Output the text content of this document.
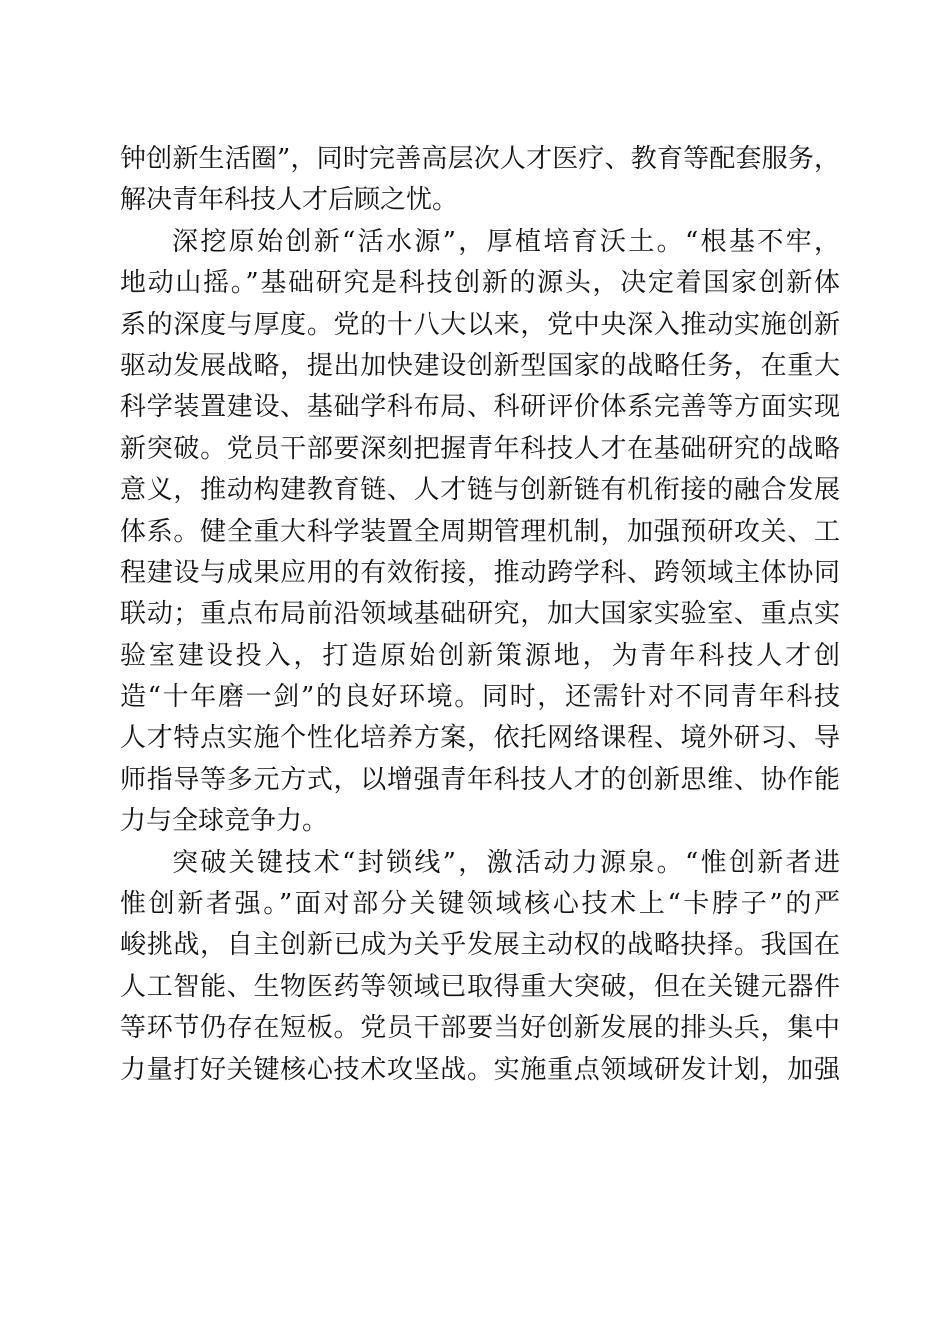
钟创新生活圈”，同时完善高层次人才医疗、教育等配套服务，
解决青年科技人才后顾之忧。
深挖原始创新“活水源”，厚植培育沃土。“根基不牢，
地动山摇。”基础研究是科技创新的源头，决定着国家创新体
系的深度与厚度。党的十八大以来，党中央深入推动实施创新
驱动发展战略，提出加快建设创新型国家的战略任务，在重大
科学装置建设、基础学科布局、科研评价体系完善等方面实现
新突破。党员干部要深刻把握青年科技人才在基础研究的战略
意义，推动构建教育链、人才链与创新链有机衔接的融合发展
体系。健全重大科学装置全周期管理机制，加强预研攻关、工
程建设与成果应用的有效衔接，推动跨学科、跨领域主体协同
联动；重点布局前沿领域基础研究，加大国家实验室、重点实
验室建设投入，打造原始创新策源地，为青年科技人才创
造“十年磨一剑”的良好环境。同时，还需针对不同青年科技
人才特点实施个性化培养方案，依托网络课程、境外研习、导
师指导等多元方式，以增强青年科技人才的创新思维、协作能
力与全球竞争力。
突破关键技术“封锁线”，激活动力源泉。“惟创新者进
惟创新者强。”面对部分关键领域核心技术上“卡脖子”的严
峻挑战，自主创新已成为关乎发展主动权的战略抉择。我国在
人工智能、生物医药等领域已取得重大突破，但在关键元器件
等环节仍存在短板。党员干部要当好创新发展的排头兵，集中
力量打好关键核心技术攻坚战。实施重点领域研发计划，加强
